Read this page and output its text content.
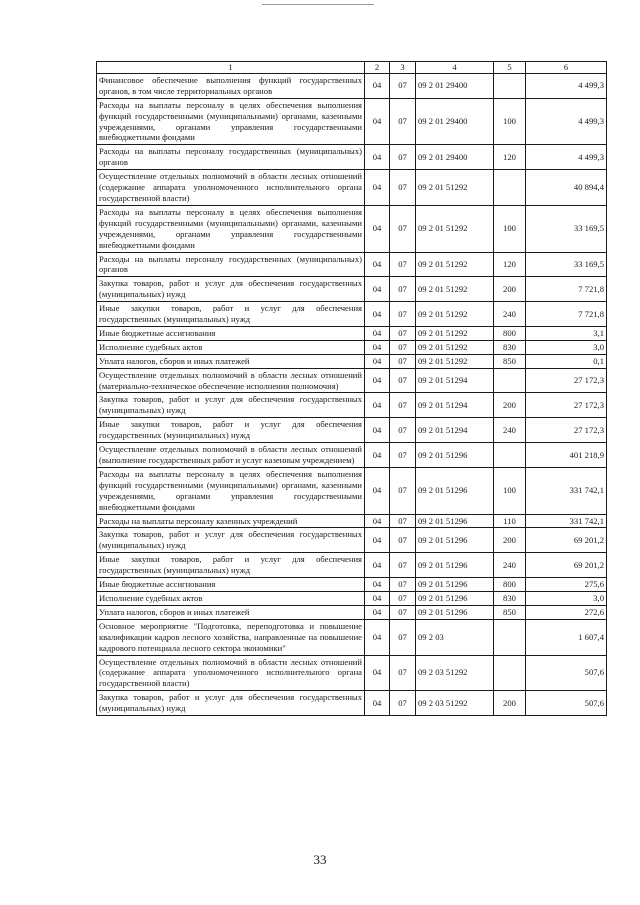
1	2	3	4	5	6
Финансовое обеспечение выполнения функций государственных органов, в том числе территориальных органов	04	07	09 2 01 29400		4 499,3
Расходы на выплаты персоналу в целях обеспечения выполнения функций государственными (муниципальными) органами, казенными учреждениями, органами управления государственными внебюджетными фондами	04	07	09 2 01 29400	100	4 499,3
Расходы на выплаты персоналу государственных (муниципальных) органов	04	07	09 2 01 29400	120	4 499,3
Осуществление отдельных полномочий в области лесных отношений (содержание аппарата уполномоченного исполнительного органа государственной власти)	04	07	09 2 01 51292		40 894,4
Расходы на выплаты персоналу в целях обеспечения выполнения функций государственными (муниципальными) органами, казенными учреждениями, органами управления государственными внебюджетными фондами	04	07	09 2 01 51292	100	33 169,5
Расходы на выплаты персоналу государственных (муниципальных) органов	04	07	09 2 01 51292	120	33 169,5
Закупка товаров, работ и услуг для обеспечения государственных (муниципальных) нужд	04	07	09 2 01 51292	200	7 721,8
Иные закупки товаров, работ и услуг для обеспечения государственных (муниципальных) нужд	04	07	09 2 01 51292	240	7 721,8
Иные бюджетные ассигнования	04	07	09 2 01 51292	800	3,1
Исполнение судебных актов	04	07	09 2 01 51292	830	3,0
Уплата налогов, сборов и иных платежей	04	07	09 2 01 51292	850	0,1
Осуществление отдельных полномочий в области лесных отношений (материально-техническое обеспечение исполнения полномочия)	04	07	09 2 01 51294		27 172,3
Закупка товаров, работ и услуг для обеспечения государственных (муниципальных) нужд	04	07	09 2 01 51294	200	27 172,3
Иные закупки товаров, работ и услуг для обеспечения государственных (муниципальных) нужд	04	07	09 2 01 51294	240	27 172,3
Осуществление отдельных полномочий в области лесных отношений (выполнение государственных работ и услуг казенным учреждением)	04	07	09 2 01 51296		401 218,9
Расходы на выплаты персоналу в целях обеспечения выполнения функций государственными (муниципальными) органами, казенными учреждениями, органами управления государственными внебюджетными фондами	04	07	09 2 01 51296	100	331 742,1
Расходы на выплаты персоналу казенных учреждений	04	07	09 2 01 51296	110	331 742,1
Закупка товаров, работ и услуг для обеспечения государственных (муниципальных) нужд	04	07	09 2 01 51296	200	69 201,2
Иные закупки товаров, работ и услуг для обеспечения государственных (муниципальных) нужд	04	07	09 2 01 51296	240	69 201,2
Иные бюджетные ассигнования	04	07	09 2 01 51296	800	275,6
Исполнение судебных актов	04	07	09 2 01 51296	830	3,0
Уплата налогов, сборов и иных платежей	04	07	09 2 01 51296	850	272,6
Основное мероприятие "Подготовка, переподготовка и повышение квалификации кадров лесного хозяйства, направленные на повышение кадрового потенциала лесного сектора экономики"	04	07	09 2 03		1 607,4
Осуществление отдельных полномочий в области лесных отношений (содержание аппарата уполномоченного исполнительного органа государственной власти)	04	07	09 2 03 51292		507,6
Закупка товаров, работ и услуг для обеспечения государственных (муниципальных) нужд	04	07	09 2 03 51292	200	507,6
33
